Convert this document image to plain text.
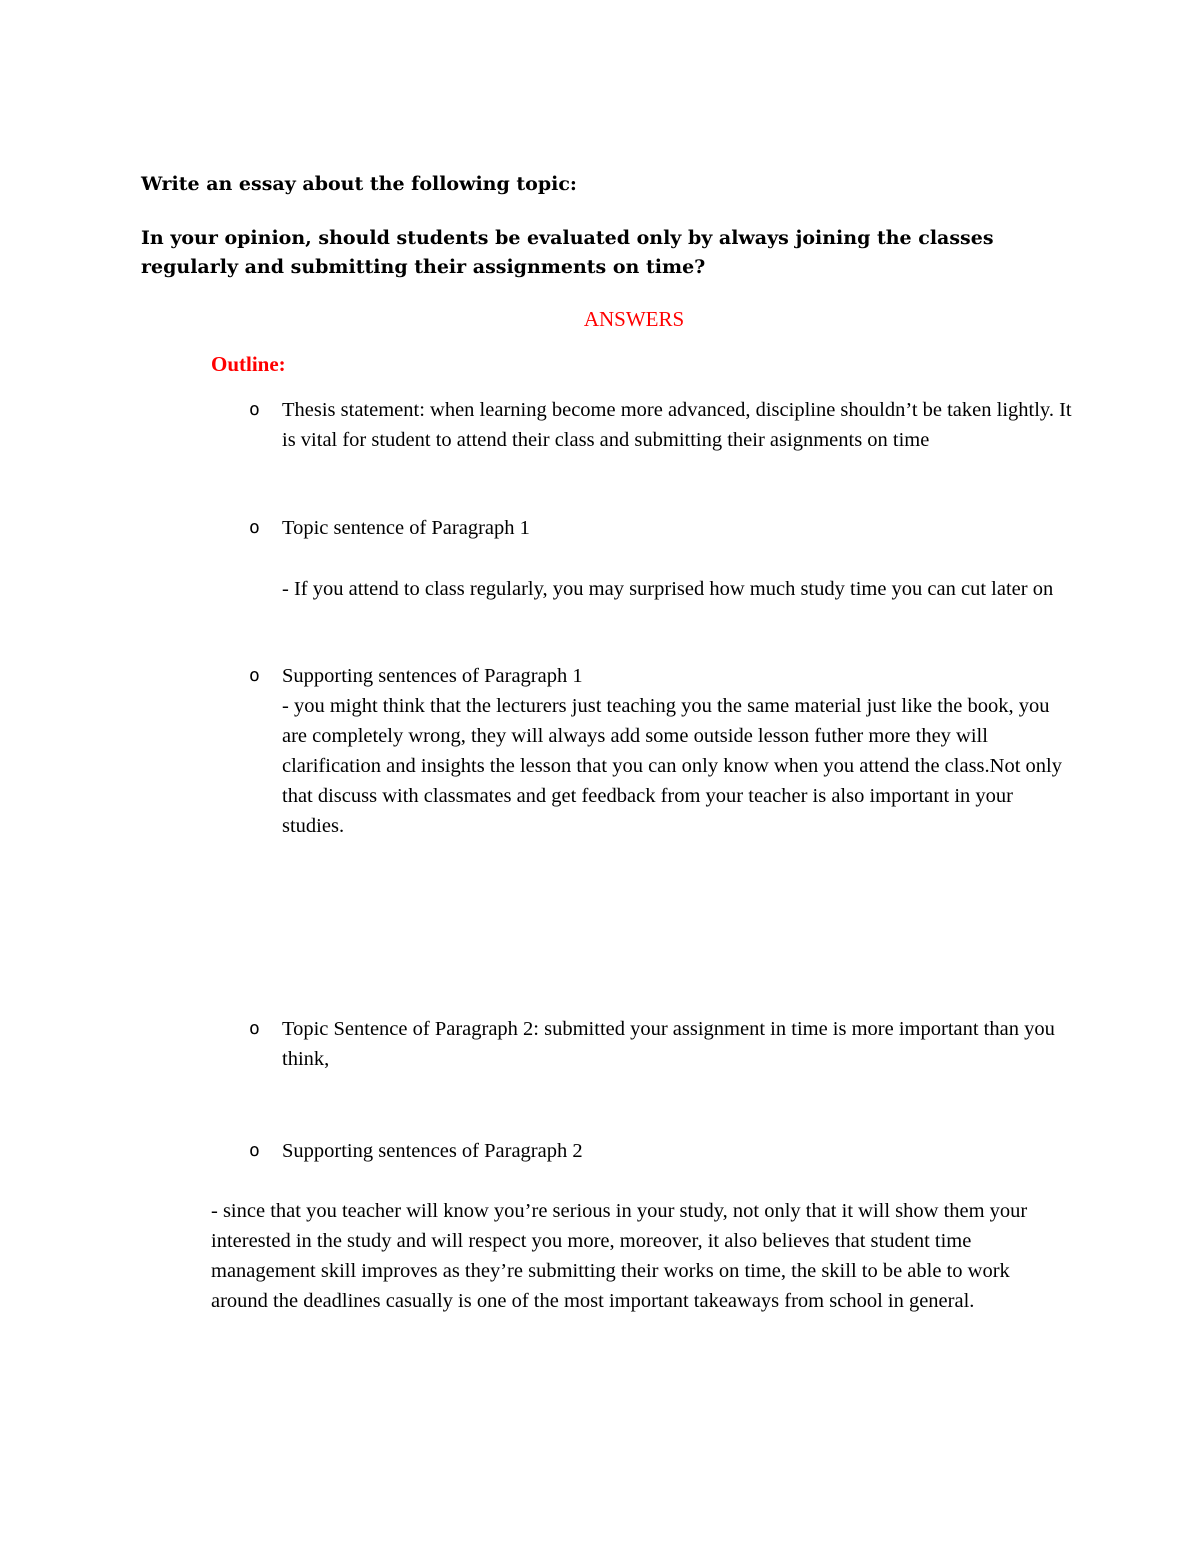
Write an essay about the following topic:
In your opinion, should students be evaluated only by always joining the classes regularly and submitting their assignments on time?
ANSWERS
Outline:
o Thesis statement: when learning become more advanced, discipline shouldn’t be taken lightly. It is vital for student to attend their class and submitting their asignments on time
o Topic sentence of Paragraph 1
- If you attend to class regularly, you may surprised how much study time you can cut later on
o Supporting sentences of Paragraph 1
- you might think that the lecturers just teaching you the same material just like the book, you are completely wrong, they will always add some outside lesson futher more they will clarification and insights the lesson that you can only know when you attend the class.Not only that discuss with classmates and get feedback from your teacher is also important in your studies.
o Topic Sentence of Paragraph 2: submitted your assignment in time is more important than you think,
o Supporting sentences of Paragraph 2
- since that you teacher will know you’re serious in your study, not only that it will show them your interested in the study and will respect you more, moreover, it also believes that student time management skill improves as they’re submitting their works on time, the skill to be able to work around the deadlines casually is one of the most important takeaways from school in general.
